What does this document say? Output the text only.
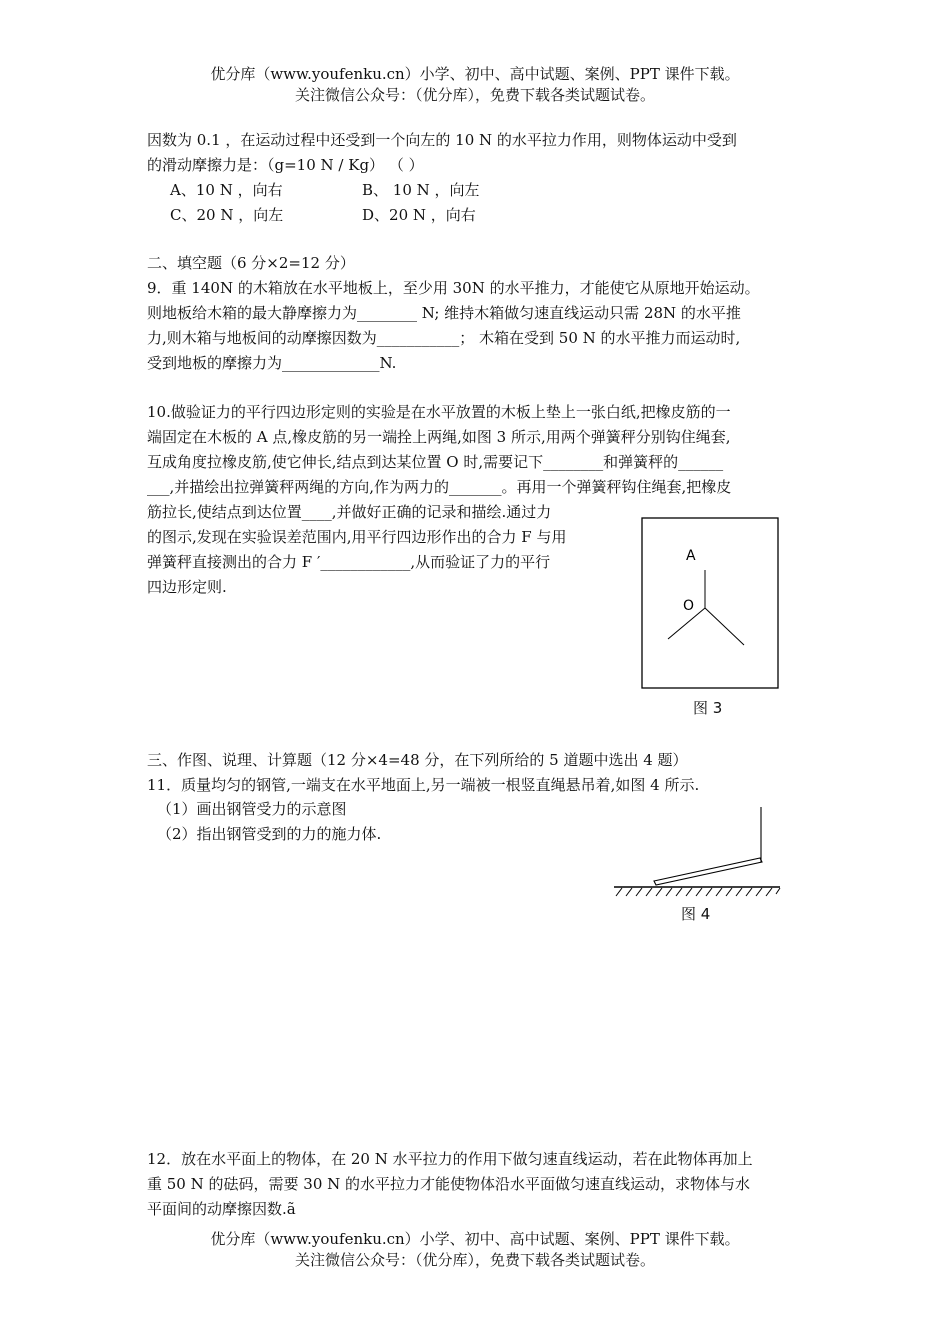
优分库（www.youfenku.cn）小学、初中、高中试题、案例、PPT 课件下载。
关注微信公众号：（优分库），免费下载各类试题试卷。
因数为 0.1 ，在运动过程中还受到一个向左的 10 N 的水平拉力作用，则物体运动中受到
的滑动摩擦力是：（g=10 N / Kg） （ ）
A、10 N ，向右	B、 10 N ，向左
C、20 N ，向左	D、20 N ，向右
二、填空题（6 分×2=12 分）
9．重 140N 的木箱放在水平地板上，至少用 30N 的水平推力，才能使它从原地开始运动。
则地板给木箱的最大静摩擦力为________ N; 维持木箱做匀速直线运动只需 28N 的水平推
力,则木箱与地板间的动摩擦因数为___________； 木箱在受到 50 N 的水平推力而运动时,
受到地板的摩擦力为_____________N.
10.做验证力的平行四边形定则的实验是在水平放置的木板上垫上一张白纸,把橡皮筋的一
端固定在木板的 A 点,橡皮筋的另一端拴上两绳,如图 3 所示,用两个弹簧秤分别钩住绳套,
互成角度拉橡皮筋,使它伸长,结点到达某位置 O 时,需要记下________和弹簧秤的______
___,并描绘出拉弹簧秤两绳的方向,作为两力的_______。再用一个弹簧秤钩住绳套,把橡皮
筋拉长,使结点到达位置____,并做好正确的记录和描绘.通过力
的图示,发现在实验误差范围内,用平行四边形作出的合力 F 与用
弹簧秤直接测出的合力 F ′____________,从而验证了力的平行
四边形定则.
A
O
图 3
三、作图、说理、计算题（12 分×4=48 分，在下列所给的 5 道题中选出 4 题）
11．质量均匀的钢管,一端支在水平地面上,另一端被一根竖直绳悬吊着,如图 4 所示.
（1）画出钢管受力的示意图
（2）指出钢管受到的力的施力体.
图 4
12．放在水平面上的物体，在 20 N 水平拉力的作用下做匀速直线运动，若在此物体再加上
重 50 N 的砝码，需要 30 N 的水平拉力才能使物体沿水平面做匀速直线运动，求物体与水
平面间的动摩擦因数.ã
优分库（www.youfenku.cn）小学、初中、高中试题、案例、PPT 课件下载。
关注微信公众号：（优分库），免费下载各类试题试卷。
